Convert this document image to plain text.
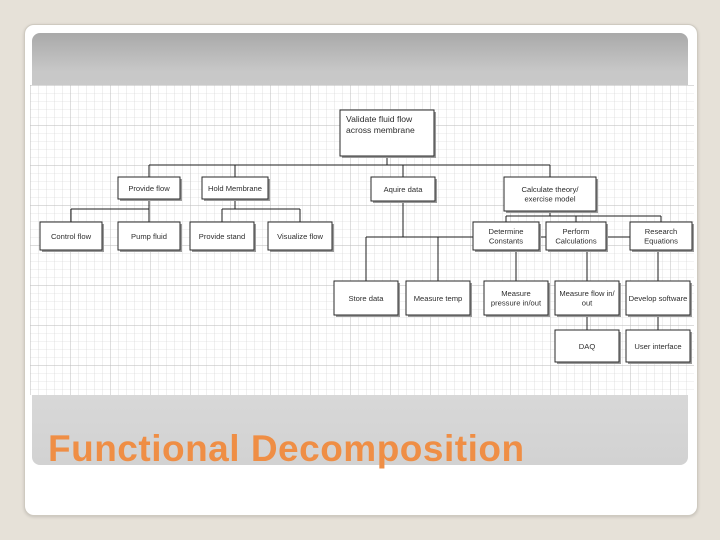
Validate fluid flow
across membrane
Provide flow	Hold Membrane	Aquire data	Calculate theory/
exercise model
Control flow	Pump fluid	Provide stand	Visualize flow
Determine
Constants
Perform
Calculations
Research
Equations
Store data	Measure temp
Measure
pressure in/out
Measure flow in/
out
Develop software
DAQ	User interface
Functional Decomposition
